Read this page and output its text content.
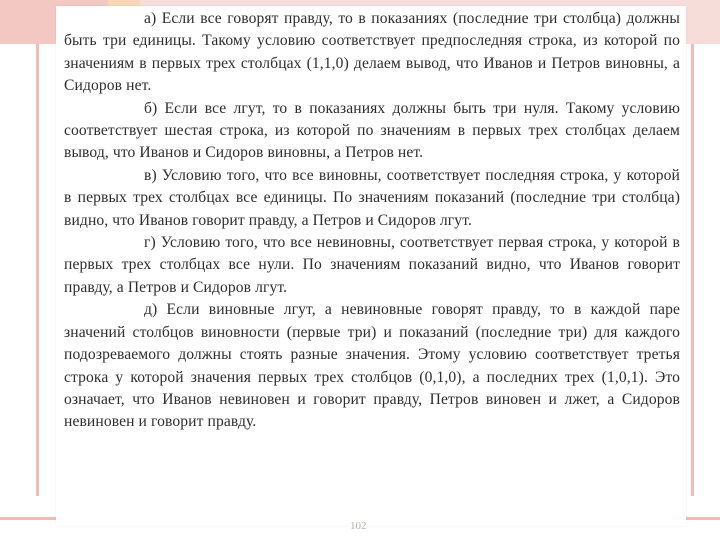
а) Если все говорят правду, то в показаниях (последние три столбца) должны быть три единицы. Такому условию соответствует предпоследняя строка, из которой по значениям в первых трех столбцах (1,1,0) делаем вывод, что Иванов и Петров виновны, а Сидоров нет.

б) Если все лгут, то в показаниях должны быть три нуля. Такому условию соответствует шестая строка, из которой по значениям в первых трех столбцах делаем вывод, что Иванов и Сидоров виновны, а Петров нет.

в) Условию того, что все виновны, соответствует последняя строка, у которой в первых трех столбцах все единицы. По значениям показаний (последние три столбца) видно, что Иванов говорит правду, а Петров и Сидоров лгут.

г) Условию того, что все невиновны, соответствует первая строка, у которой в первых трех столбцах все нули. По значениям показаний видно, что Иванов говорит правду, а Петров и Сидоров лгут.

д) Если виновные лгут, а невиновные говорят правду, то в каждой паре значений столбцов виновности (первые три) и показаний (последние три) для каждого подозреваемого должны стоять разные значения. Этому условию соответствует третья строка у которой значения первых трех столбцов (0,1,0), а последних трех (1,0,1). Это означает, что Иванов невиновен и говорит правду, Петров виновен и лжет, а Сидоров невиновен и говорит правду.

102
